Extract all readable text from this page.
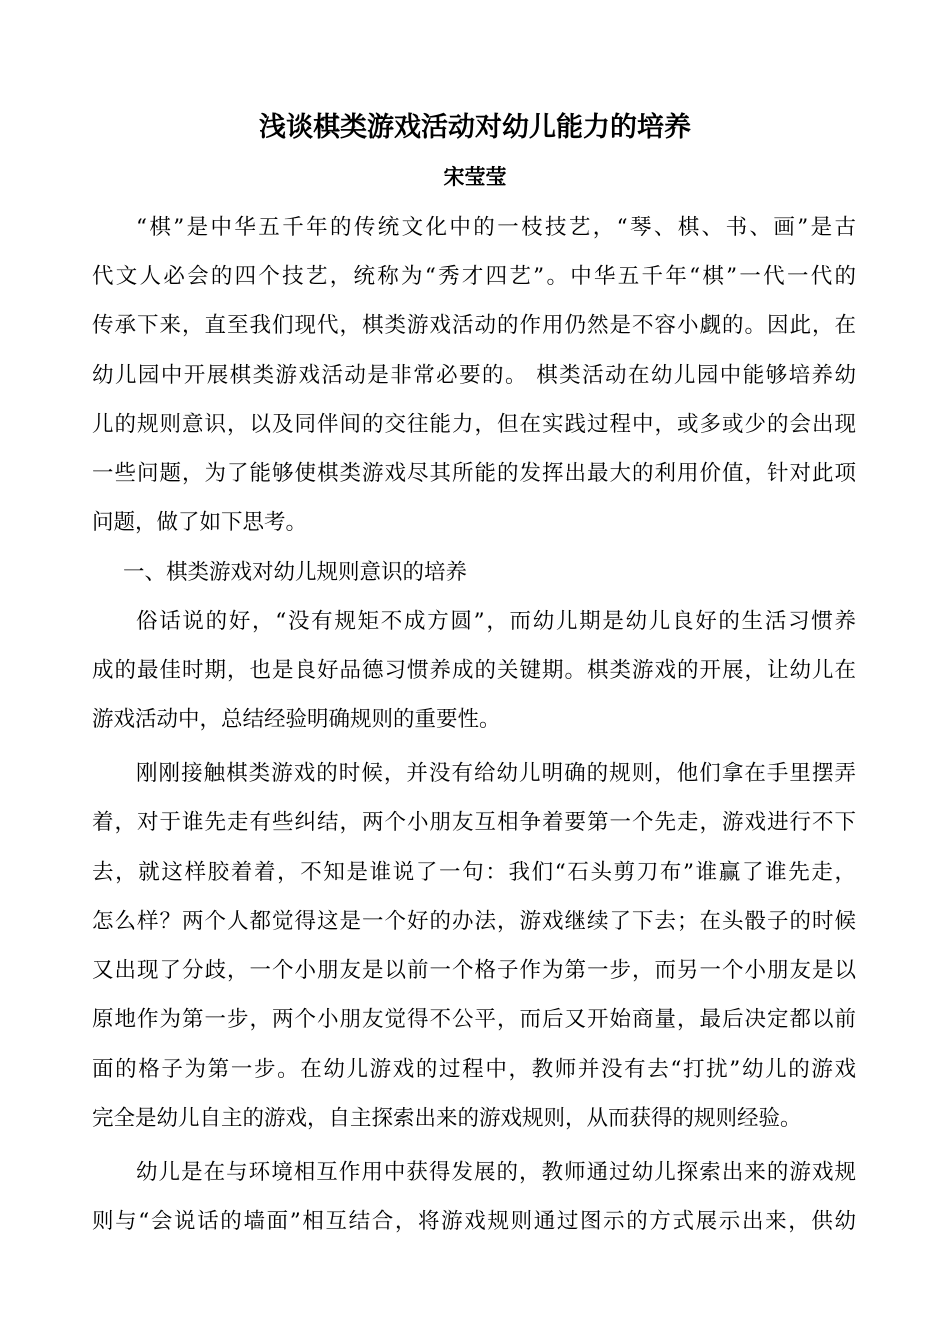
浅谈棋类游戏活动对幼儿能力的培养
宋莹莹

“棋”是中华五千年的传统文化中的一枝技艺，“琴、棋、书、画”是古

代文人必会的四个技艺，统称为“秀才四艺”。中华五千年“棋”一代一代的

传承下来，直至我们现代，棋类游戏活动的作用仍然是不容小觑的。因此，在

幼儿园中开展棋类游戏活动是非常必要的。 棋类活动在幼儿园中能够培养幼

儿的规则意识，以及同伴间的交往能力，但在实践过程中，或多或少的会出现

一些问题，为了能够使棋类游戏尽其所能的发挥出最大的利用价值，针对此项

问题，做了如下思考。

一、棋类游戏对幼儿规则意识的培养

俗话说的好，“没有规矩不成方圆”，而幼儿期是幼儿良好的生活习惯养

成的最佳时期，也是良好品德习惯养成的关键期。棋类游戏的开展，让幼儿在

游戏活动中，总结经验明确规则的重要性。

刚刚接触棋类游戏的时候，并没有给幼儿明确的规则，他们拿在手里摆弄

着，对于谁先走有些纠结，两个小朋友互相争着要第一个先走，游戏进行不下

去，就这样胶着着，不知是谁说了一句：我们“石头剪刀布”谁赢了谁先走，

怎么样？两个人都觉得这是一个好的办法，游戏继续了下去；在头骰子的时候

又出现了分歧，一个小朋友是以前一个格子作为第一步，而另一个小朋友是以

原地作为第一步，两个小朋友觉得不公平，而后又开始商量，最后决定都以前

面的格子为第一步。在幼儿游戏的过程中，教师并没有去“打扰”幼儿的游戏

完全是幼儿自主的游戏，自主探索出来的游戏规则，从而获得的规则经验。

幼儿是在与环境相互作用中获得发展的，教师通过幼儿探索出来的游戏规

则与“会说话的墙面”相互结合，将游戏规则通过图示的方式展示出来，供幼
